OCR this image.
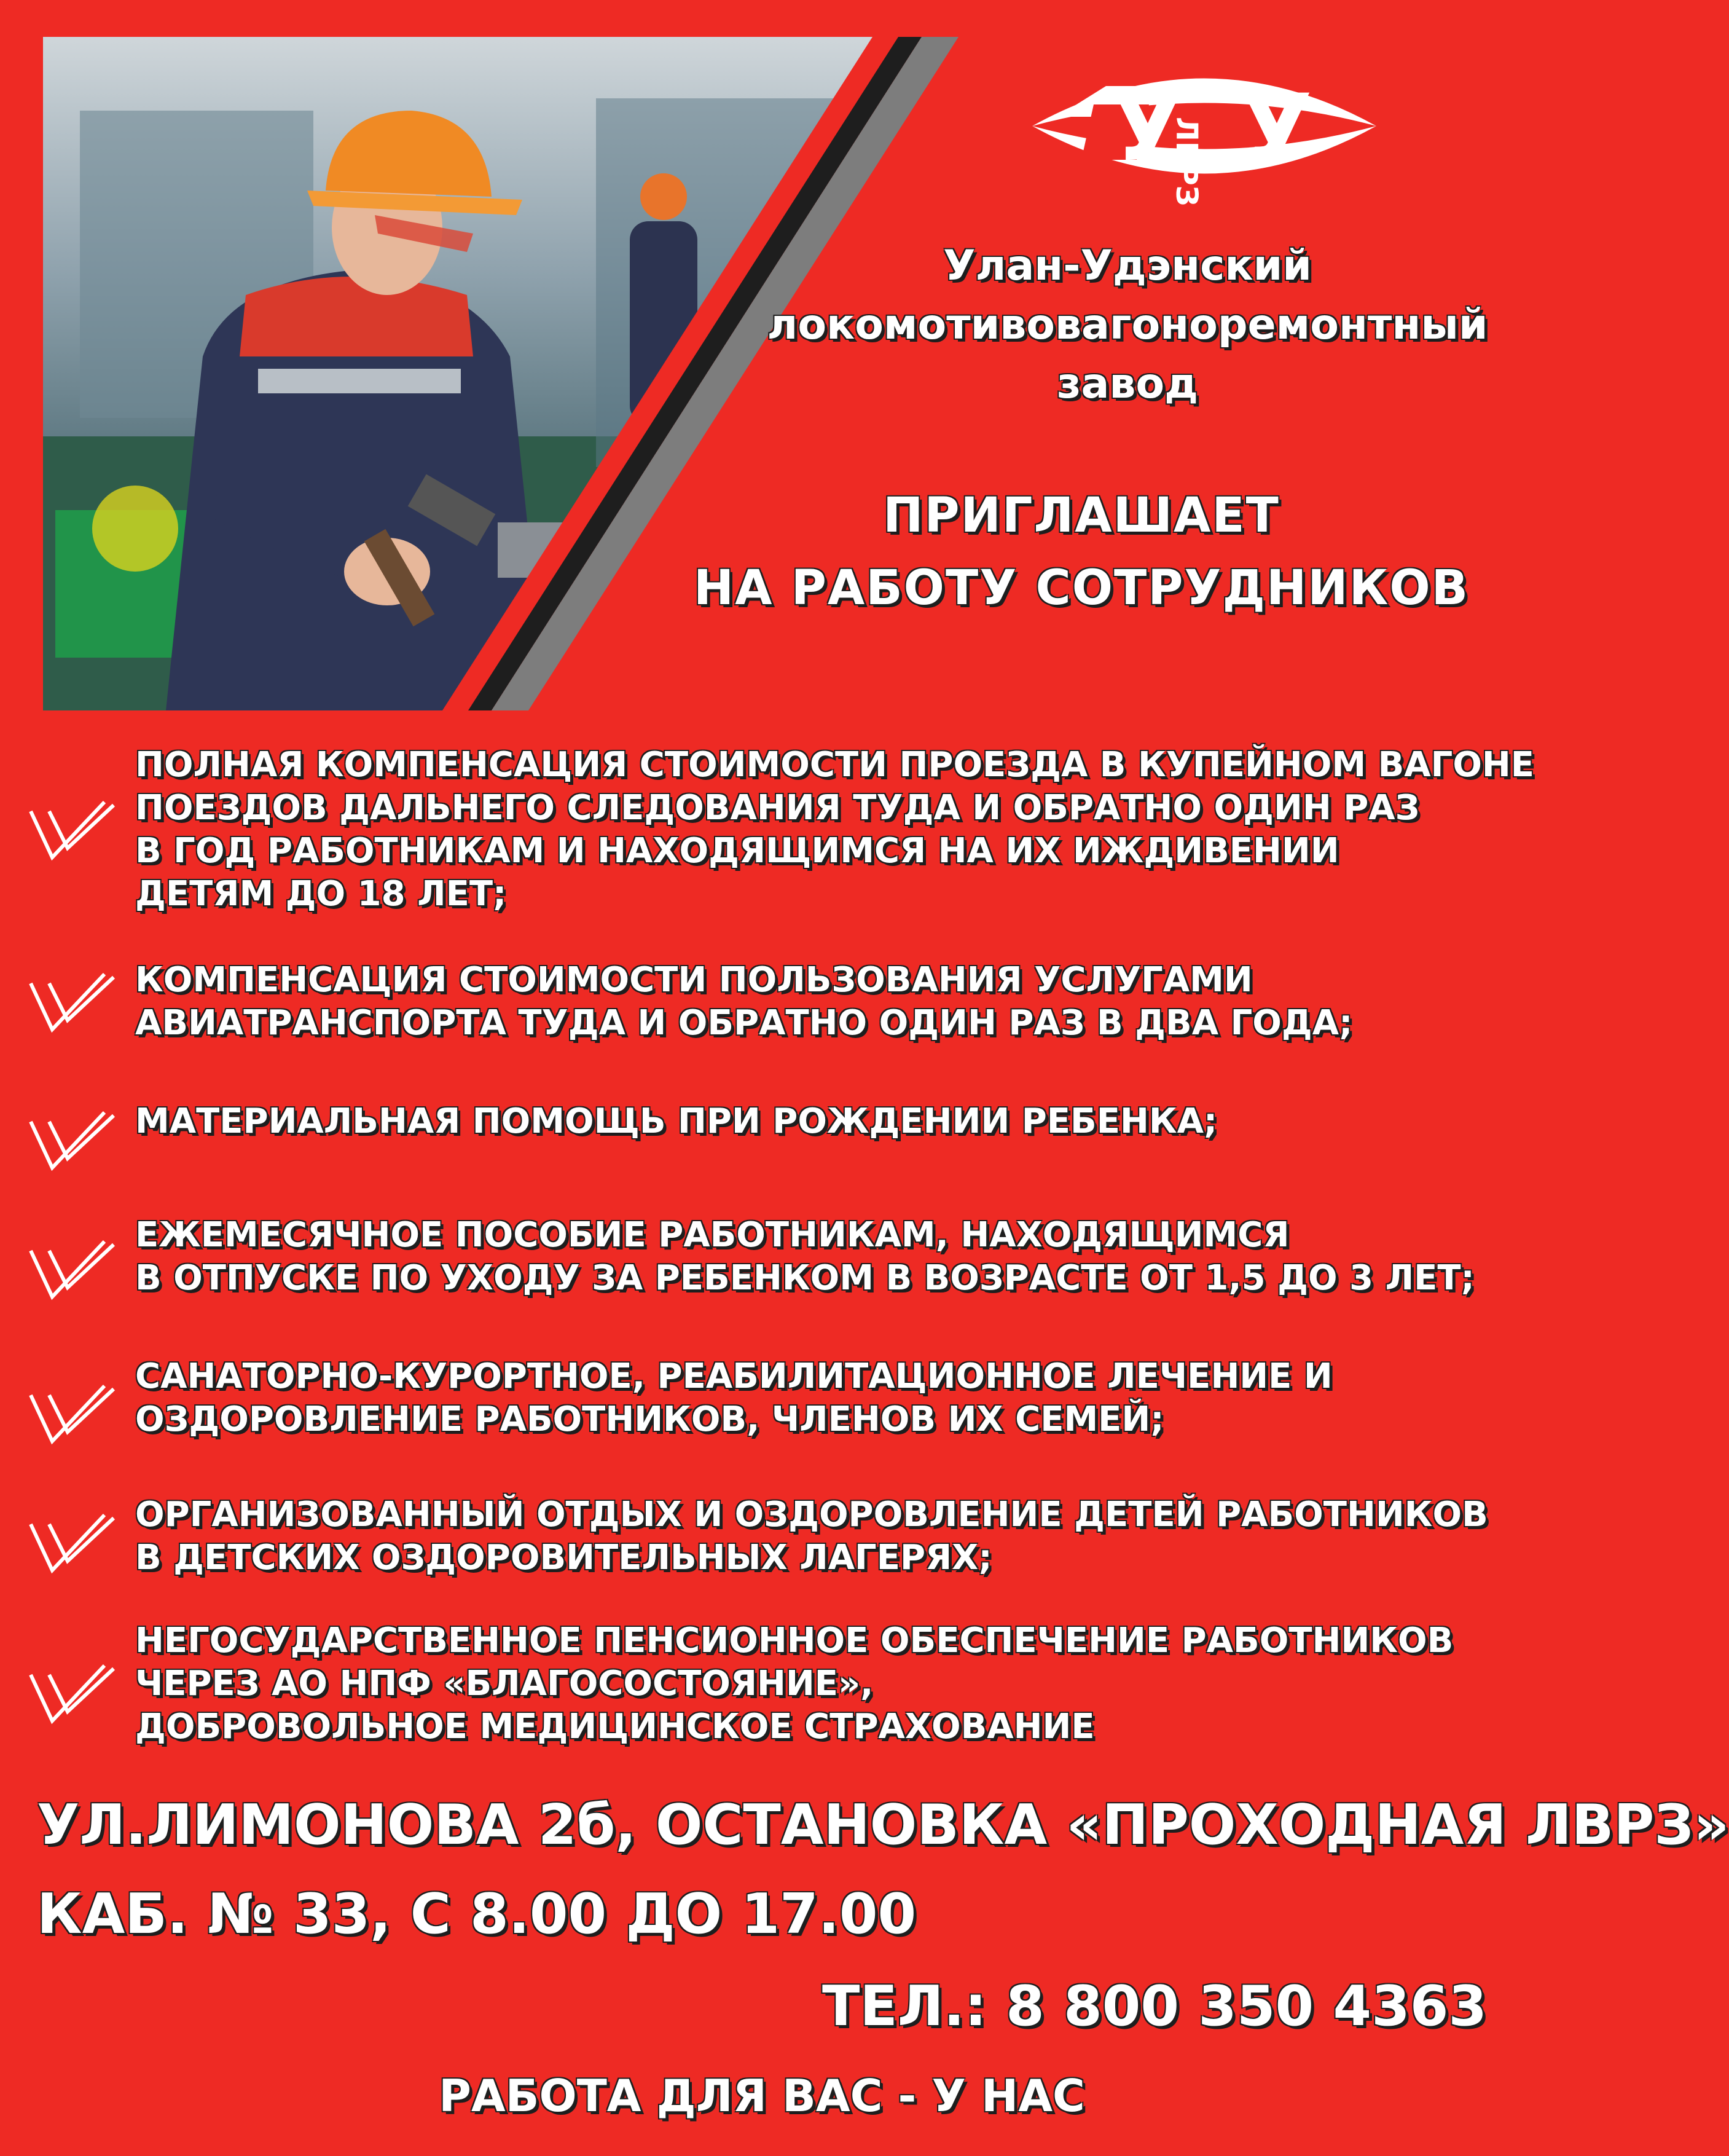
У У
ЛВРЗ
Улан-Удэнский
локомотивовагоноремонтный
завод
ПРИГЛАШАЕТ
НА РАБОТУ СОТРУДНИКОВ
ПОЛНАЯ КОМПЕНСАЦИЯ СТОИМОСТИ ПРОЕЗДА В КУПЕЙНОМ ВАГОНЕ
ПОЕЗДОВ ДАЛЬНЕГО СЛЕДОВАНИЯ ТУДА И ОБРАТНО ОДИН РАЗ
В ГОД РАБОТНИКАМ И НАХОДЯЩИМСЯ НА ИХ ИЖДИВЕНИИ
ДЕТЯМ ДО 18 ЛЕТ;
КОМПЕНСАЦИЯ СТОИМОСТИ ПОЛЬЗОВАНИЯ УСЛУГАМИ
АВИАТРАНСПОРТА ТУДА И ОБРАТНО ОДИН РАЗ В ДВА ГОДА;
МАТЕРИАЛЬНАЯ ПОМОЩЬ ПРИ РОЖДЕНИИ РЕБЕНКА;
ЕЖЕМЕСЯЧНОЕ ПОСОБИЕ РАБОТНИКАМ, НАХОДЯЩИМСЯ
В ОТПУСКЕ ПО УХОДУ ЗА РЕБЕНКОМ В ВОЗРАСТЕ ОТ 1,5 ДО 3 ЛЕТ;
САНАТОРНО-КУРОРТНОЕ, РЕАБИЛИТАЦИОННОЕ ЛЕЧЕНИЕ И
ОЗДОРОВЛЕНИЕ РАБОТНИКОВ, ЧЛЕНОВ ИХ СЕМЕЙ;
ОРГАНИЗОВАННЫЙ ОТДЫХ И ОЗДОРОВЛЕНИЕ ДЕТЕЙ РАБОТНИКОВ
В ДЕТСКИХ ОЗДОРОВИТЕЛЬНЫХ ЛАГЕРЯХ;
НЕГОСУДАРСТВЕННОЕ ПЕНСИОННОЕ ОБЕСПЕЧЕНИЕ РАБОТНИКОВ
ЧЕРЕЗ АО НПФ «БЛАГОСОСТОЯНИЕ»,
ДОБРОВОЛЬНОЕ МЕДИЦИНСКОЕ СТРАХОВАНИЕ
УЛ.ЛИМОНОВА 2б, ОСТАНОВКА «ПРОХОДНАЯ ЛВРЗ»
КАБ. № 33, С 8.00 ДО 17.00
ТЕЛ.: 8 800 350 4363
РАБОТА ДЛЯ ВАС - У НАС
